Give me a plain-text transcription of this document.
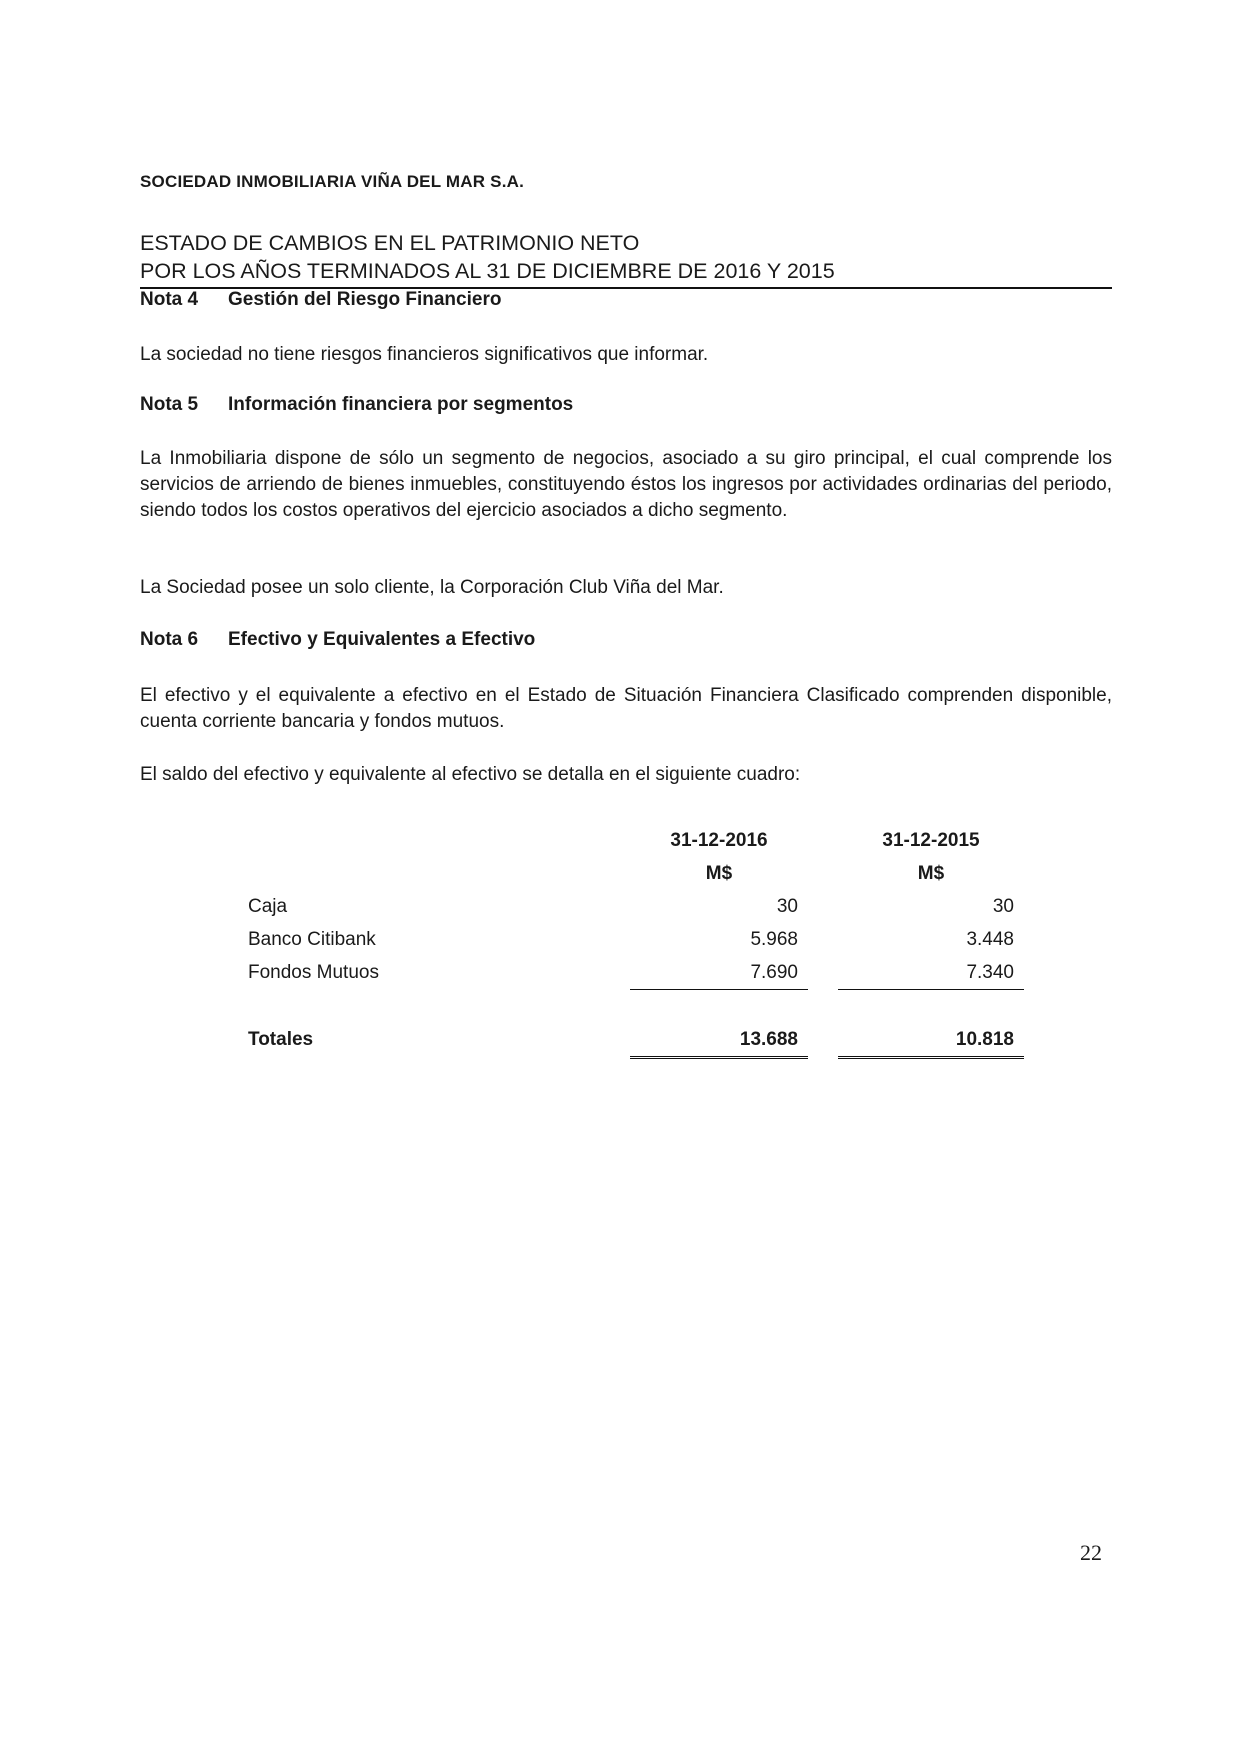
SOCIEDAD INMOBILIARIA VIÑA DEL MAR S.A.
ESTADO DE CAMBIOS EN EL PATRIMONIO NETO
POR LOS AÑOS TERMINADOS AL 31 DE DICIEMBRE DE 2016 Y 2015
Nota 4 Gestión del Riesgo Financiero
La sociedad no tiene riesgos financieros significativos que informar.
Nota 5 Información financiera por segmentos
La Inmobiliaria dispone de sólo un segmento de negocios, asociado a su giro principal, el cual comprende los servicios de arriendo de bienes inmuebles, constituyendo éstos los ingresos por actividades ordinarias del periodo, siendo todos los costos operativos del ejercicio asociados a dicho segmento.
La Sociedad posee un solo cliente, la Corporación Club Viña del Mar.
Nota 6 Efectivo y Equivalentes a Efectivo
El efectivo y el equivalente a efectivo en el Estado de Situación Financiera Clasificado comprenden disponible, cuenta corriente bancaria y fondos mutuos.
El saldo del efectivo y equivalente al efectivo se detalla en el siguiente cuadro:
	31-12-2016		31-12-2015
	M$		M$
Caja	30		30
Banco Citibank	5.968		3.448
Fondos Mutuos	7.690		7.340

Totales	13.688		10.818
22
